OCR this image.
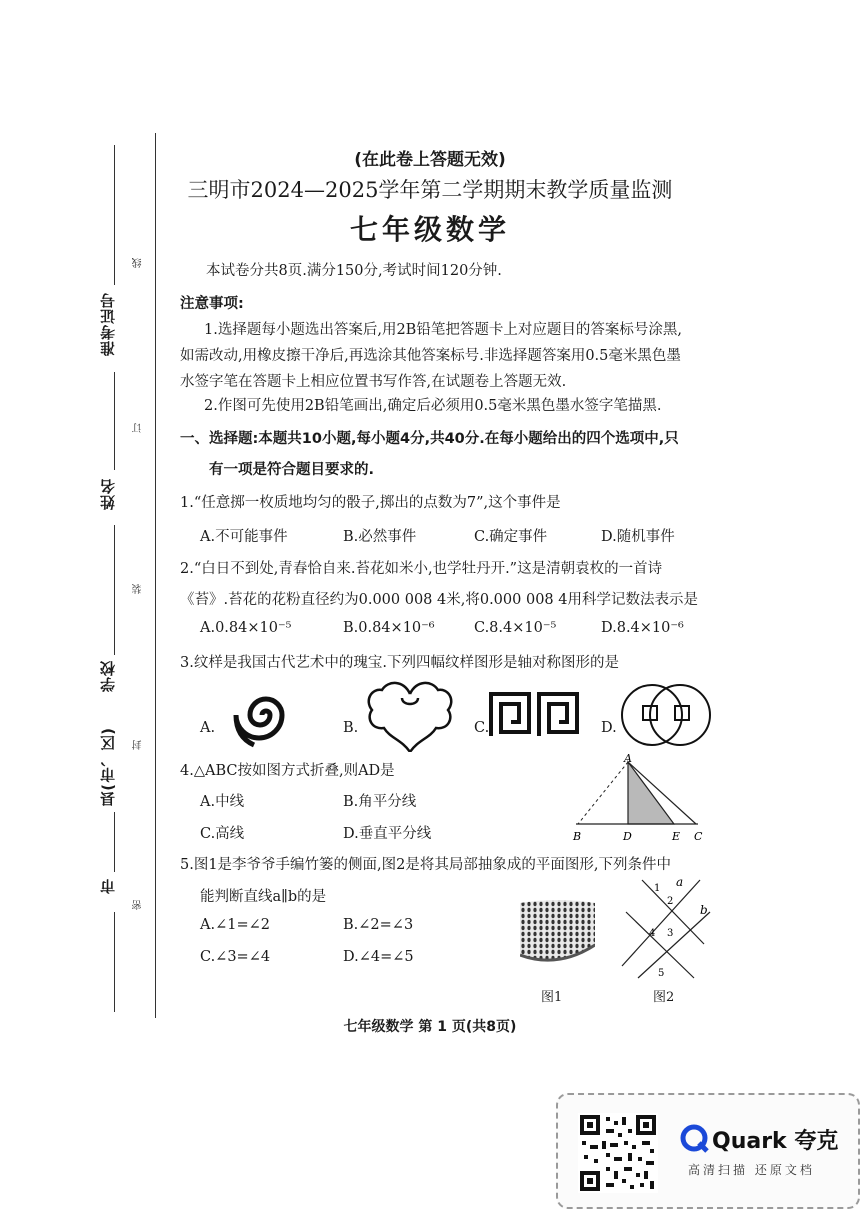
准考证号
姓名
学校
县(市、区)
市
线
订
装
封
密
(在此卷上答题无效)
三明市2024—2025学年第二学期期末教学质量监测
七年级数学
本试卷分共8页.满分150分,考试时间120分钟.
注意事项:
1.选择题每小题选出答案后,用2B铅笔把答题卡上对应题目的答案标号涂黑,
如需改动,用橡皮擦干净后,再选涂其他答案标号.非选择题答案用0.5毫米黑色墨
水签字笔在答题卡上相应位置书写作答,在试题卷上答题无效.
2.作图可先使用2B铅笔画出,确定后必须用0.5毫米黑色墨水签字笔描黑.
一、选择题:本题共10小题,每小题4分,共40分.在每小题给出的四个选项中,只
有一项是符合题目要求的.
1.“任意掷一枚质地均匀的骰子,掷出的点数为7”,这个事件是
A.不可能事件	B.必然事件	C.确定事件	D.随机事件
2.“白日不到处,青春恰自来.苔花如米小,也学牡丹开.”这是清朝袁枚的一首诗
《苔》.苔花的花粉直径约为0.000 008 4米,将0.000 008 4用科学记数法表示是
A.0.84×10⁻⁵	B.0.84×10⁻⁶	C.8.4×10⁻⁵	D.8.4×10⁻⁶
3.纹样是我国古代艺术中的瑰宝.下列四幅纹样图形是轴对称图形的是
A.	B.	C.	D.
4.△ABC按如图方式折叠,则AD是
A.中线	B.角平分线
C.高线	D.垂直平分线
A
B	D	E C
5.图1是李爷爷手编竹篓的侧面,图2是将其局部抽象成的平面图形,下列条件中
能判断直线a∥b的是
A.∠1=∠2	B.∠2=∠3
C.∠3=∠4	D.∠4=∠5
图1
1
2
3
4
5
a
b
图2
七年级数学 第 1 页(共8页)
Quark 夸克
高清扫描 还原文档
